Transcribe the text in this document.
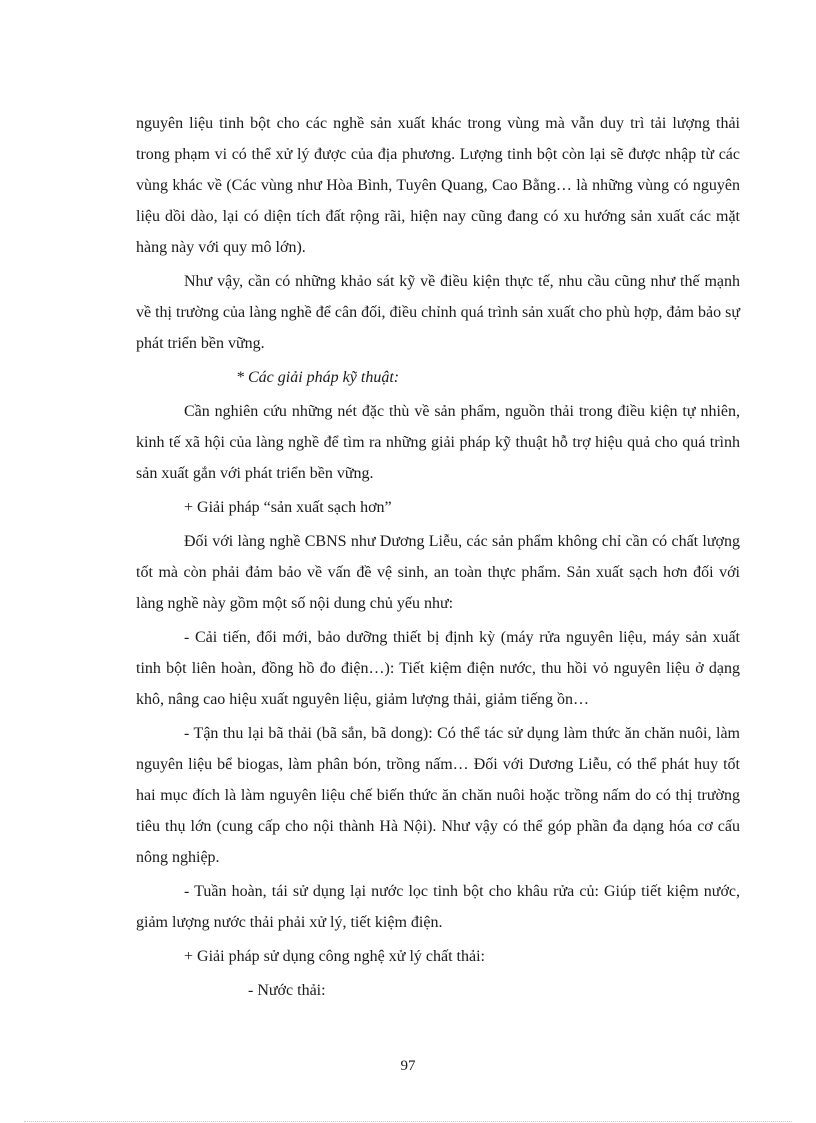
nguyên liệu tinh bột cho các nghề sản xuất khác trong vùng mà vẫn duy trì tải lượng thải trong phạm vi có thể xử lý được của địa phương. Lượng tinh bột còn lại sẽ được nhập từ các vùng khác về (Các vùng như Hòa Bình, Tuyên Quang, Cao Bằng… là những vùng có nguyên liệu dồi dào, lại có diện tích đất rộng rãi, hiện nay cũng đang có xu hướng sản xuất các mặt hàng này với quy mô lớn).

Như vậy, cần có những khảo sát kỹ về điều kiện thực tế, nhu cầu cũng như thế mạnh về thị trường của làng nghề để cân đối, điều chỉnh quá trình sản xuất cho phù hợp, đảm bảo sự phát triển bền vững.

* Các giải pháp kỹ thuật:

Cần nghiên cứu những nét đặc thù về sản phẩm, nguồn thải trong điều kiện tự nhiên, kinh tế xã hội của làng nghề để tìm ra những giải pháp kỹ thuật hỗ trợ hiệu quả cho quá trình sản xuất gắn với phát triển bền vững.

+ Giải pháp “sản xuất sạch hơn”

Đối với làng nghề CBNS như Dương Liễu, các sản phẩm không chỉ cần có chất lượng tốt mà còn phải đảm bảo về vấn đề vệ sinh, an toàn thực phẩm. Sản xuất sạch hơn đối với làng nghề này gồm một số nội dung chủ yếu như:

- Cải tiến, đổi mới, bảo dưỡng thiết bị định kỳ (máy rửa nguyên liệu, máy sản xuất tinh bột liên hoàn, đồng hồ đo điện…): Tiết kiệm điện nước, thu hồi vỏ nguyên liệu ở dạng khô, nâng cao hiệu xuất nguyên liệu, giảm lượng thải, giảm tiếng ồn…

- Tận thu lại bã thải (bã sắn, bã dong): Có thể tác sử dụng làm thức ăn chăn nuôi, làm nguyên liệu bể biogas, làm phân bón, trồng nấm… Đối với Dương Liễu, có thể phát huy tốt hai mục đích là làm nguyên liệu chế biến thức ăn chăn nuôi hoặc trồng nấm do có thị trường tiêu thụ lớn (cung cấp cho nội thành Hà Nội). Như vậy có thể góp phần đa dạng hóa cơ cấu nông nghiệp.

- Tuần hoàn, tái sử dụng lại nước lọc tinh bột cho khâu rửa củ: Giúp tiết kiệm nước, giảm lượng nước thải phải xử lý, tiết kiệm điện.

+ Giải pháp sử dụng công nghệ xử lý chất thải:

- Nước thải:

97
